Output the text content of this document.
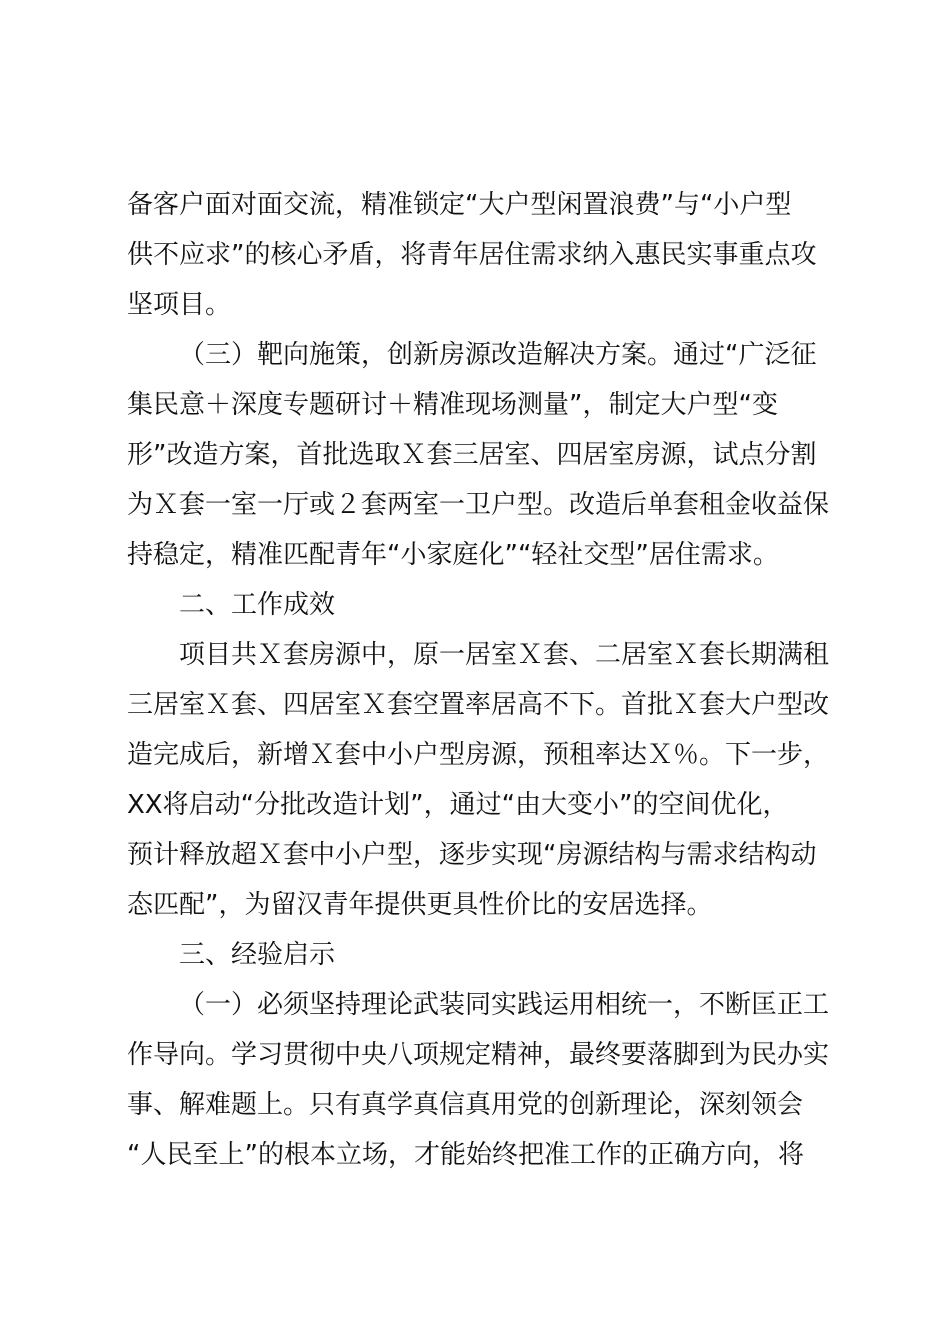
备客户面对面交流，精准锁定“大户型闲置浪费”与“小户型
供不应求”的核心矛盾，将青年居住需求纳入惠民实事重点攻
坚项目。
（三）靶向施策，创新房源改造解决方案。通过“广泛征
集民意＋深度专题研讨＋精准现场测量”，制定大户型“变
形”改造方案，首批选取Ｘ套三居室、四居室房源，试点分割
为Ｘ套一室一厅或２套两室一卫户型。改造后单套租金收益保
持稳定，精准匹配青年“小家庭化”“轻社交型”居住需求。
二、工作成效
项目共Ｘ套房源中，原一居室Ｘ套、二居室Ｘ套长期满租
三居室Ｘ套、四居室Ｘ套空置率居高不下。首批Ｘ套大户型改
造完成后，新增Ｘ套中小户型房源，预租率达Ｘ％。下一步，
XX将启动“分批改造计划”，通过“由大变小”的空间优化，
预计释放超Ｘ套中小户型，逐步实现“房源结构与需求结构动
态匹配”，为留汉青年提供更具性价比的安居选择。
三、经验启示
（一）必须坚持理论武装同实践运用相统一，不断匡正工
作导向。学习贯彻中央八项规定精神，最终要落脚到为民办实
事、解难题上。只有真学真信真用党的创新理论，深刻领会
“人民至上”的根本立场，才能始终把准工作的正确方向，将
